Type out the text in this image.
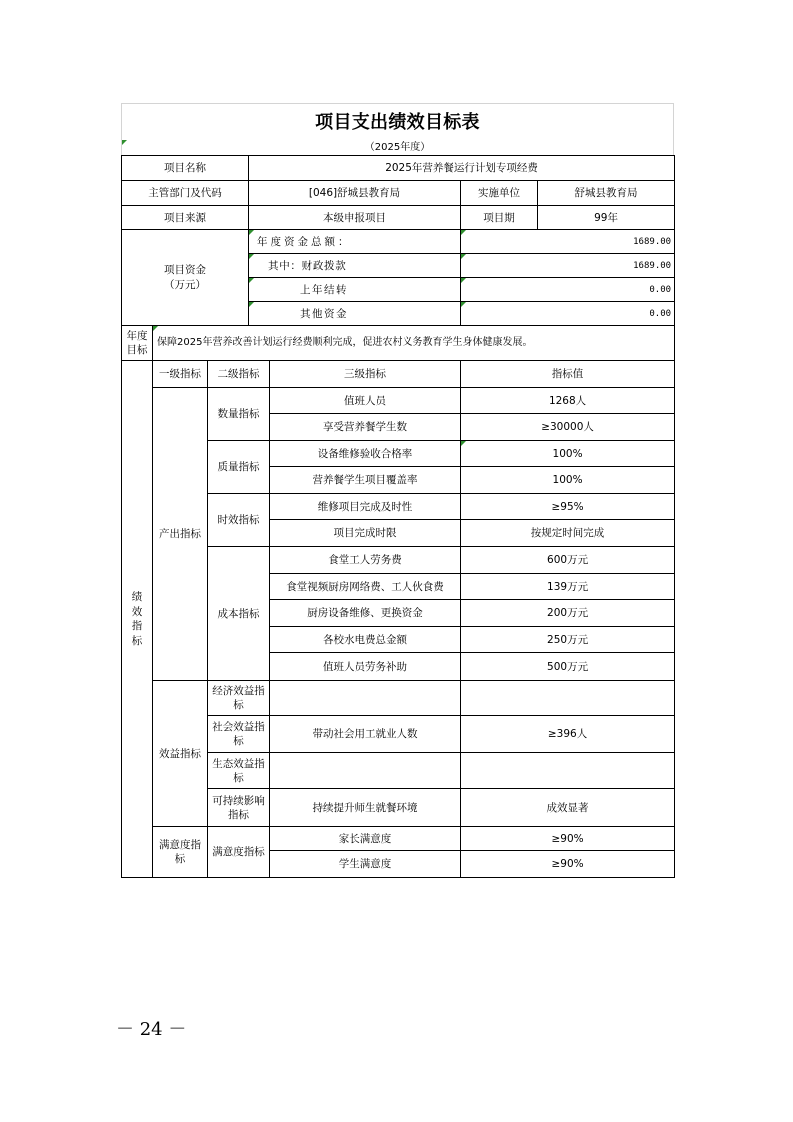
项目支出绩效目标表
（2025年度）
项目名称			2025年营养餐运行计划专项经费			
主管部门及代码			[046]舒城县教育局		实施单位	舒城县教育局
项目来源			本级申报项目		项目期	99年

项目资金
（万元）			年度资金总额：		1689.00	
			其中：财政拨款		1689.00	
			上年结转		0.00	
			其他资金		0.00	
年度目标	保障2025年营养改善计划运行经费顺利完成，促进农村义务教育学生身体健康发展。					
绩效指标	一级指标	二级指标		三级指标	指标值	
	产出指标	数量指标		值班人员	1268人	
				享受营养餐学生数	≥30000人	
		质量指标		设备维修验收合格率	100%	
				营养餐学生项目覆盖率	100%	
		时效指标		维修项目完成及时性	≥95%	
				项目完成时限	按规定时间完成	
		成本指标		食堂工人劳务费	600万元	
				食堂视频厨房网络费、工人伙食费	139万元	
				厨房设备维修、更换资金	200万元	
				各校水电费总金额	250万元	
				值班人员劳务补助	500万元	
	效益指标	经济效益指标				
		社会效益指标		带动社会用工就业人数	≥396人	
		生态效益指标				
		可持续影响指标		持续提升师生就餐环境	成效显著	
	满意度指标	满意度指标		家长满意度	≥90%	
				学生满意度	≥90%	
－ 24 －
